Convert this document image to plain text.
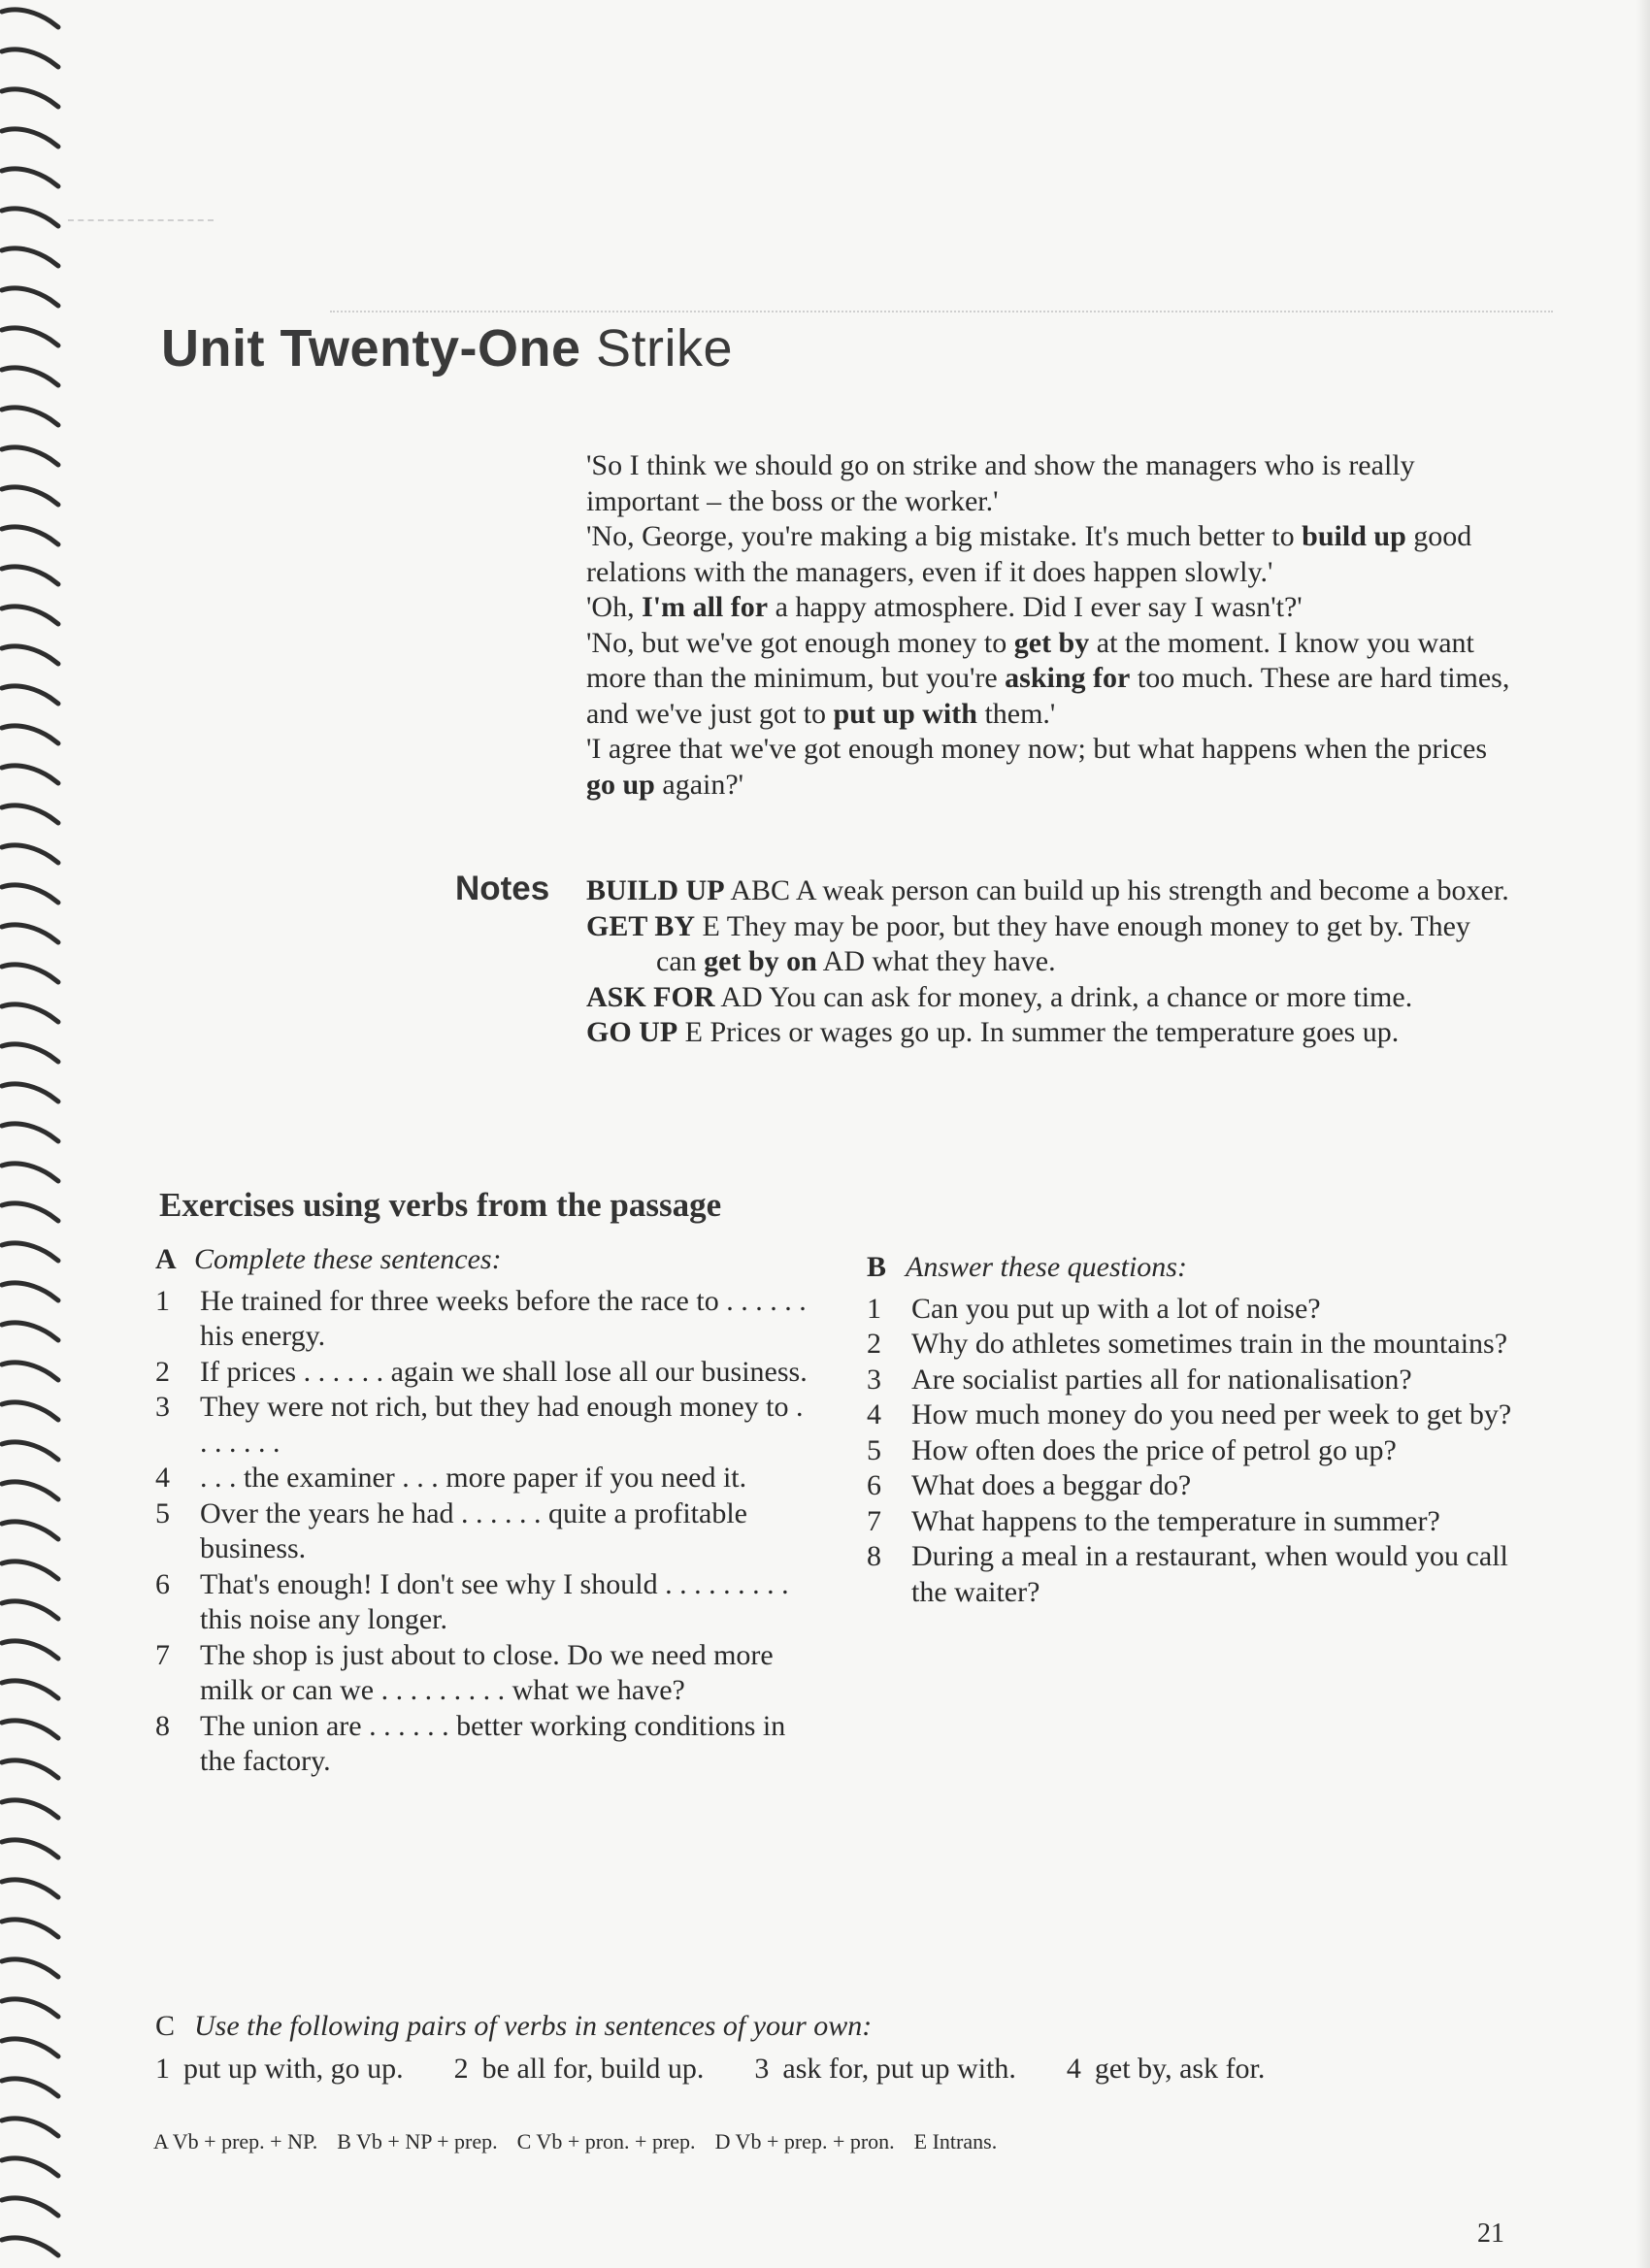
Unit Twenty-One Strike

'So I think we should go on strike and show the managers who is really important – the boss or the worker.'

'No, George, you're making a big mistake. It's much better to build up good relations with the managers, even if it does happen slowly.'

'Oh, I'm all for a happy atmosphere. Did I ever say I wasn't?'

'No, but we've got enough money to get by at the moment. I know you want more than the minimum, but you're asking for too much. These are hard times, and we've just got to put up with them.'

'I agree that we've got enough money now; but what happens when the prices go up again?'

Notes BUILD UP ABC A weak person can build up his strength and become a boxer.

GET BY E They may be poor, but they have enough money to get by. They can get by on AD what they have.

ASK FOR AD You can ask for money, a drink, a chance or more time.

GO UP E Prices or wages go up. In summer the temperature goes up.

Exercises using verbs from the passage

A Complete these sentences:

1 He trained for three weeks before the race to . . . . . . his energy.

2 If prices . . . . . . again we shall lose all our business.

3 They were not rich, but they had enough money to . . . . . . .

4 . . . the examiner . . . more paper if you need it.

5 Over the years he had . . . . . . quite a profitable business.

6 That's enough! I don't see why I should . . . . . . . . . this noise any longer.

7 The shop is just about to close. Do we need more milk or can we . . . . . . . . . what we have?

8 The union are . . . . . . better working conditions in the factory.

B Answer these questions:

1 Can you put up with a lot of noise?

2 Why do athletes sometimes train in the mountains?

3 Are socialist parties all for nationalisation?

4 How much money do you need per week to get by?

5 How often does the price of petrol go up?

6 What does a beggar do?

7 What happens to the temperature in summer?

8 During a meal in a restaurant, when would you call the waiter?

C Use the following pairs of verbs in sentences of your own:

1 put up with, go up. 2 be all for, build up. 3 ask for, put up with. 4 get by, ask for.
A Vb + prep. + NP. B Vb + NP + prep. C Vb + pron. + prep. D Vb + prep. + pron. E Intrans.
21
